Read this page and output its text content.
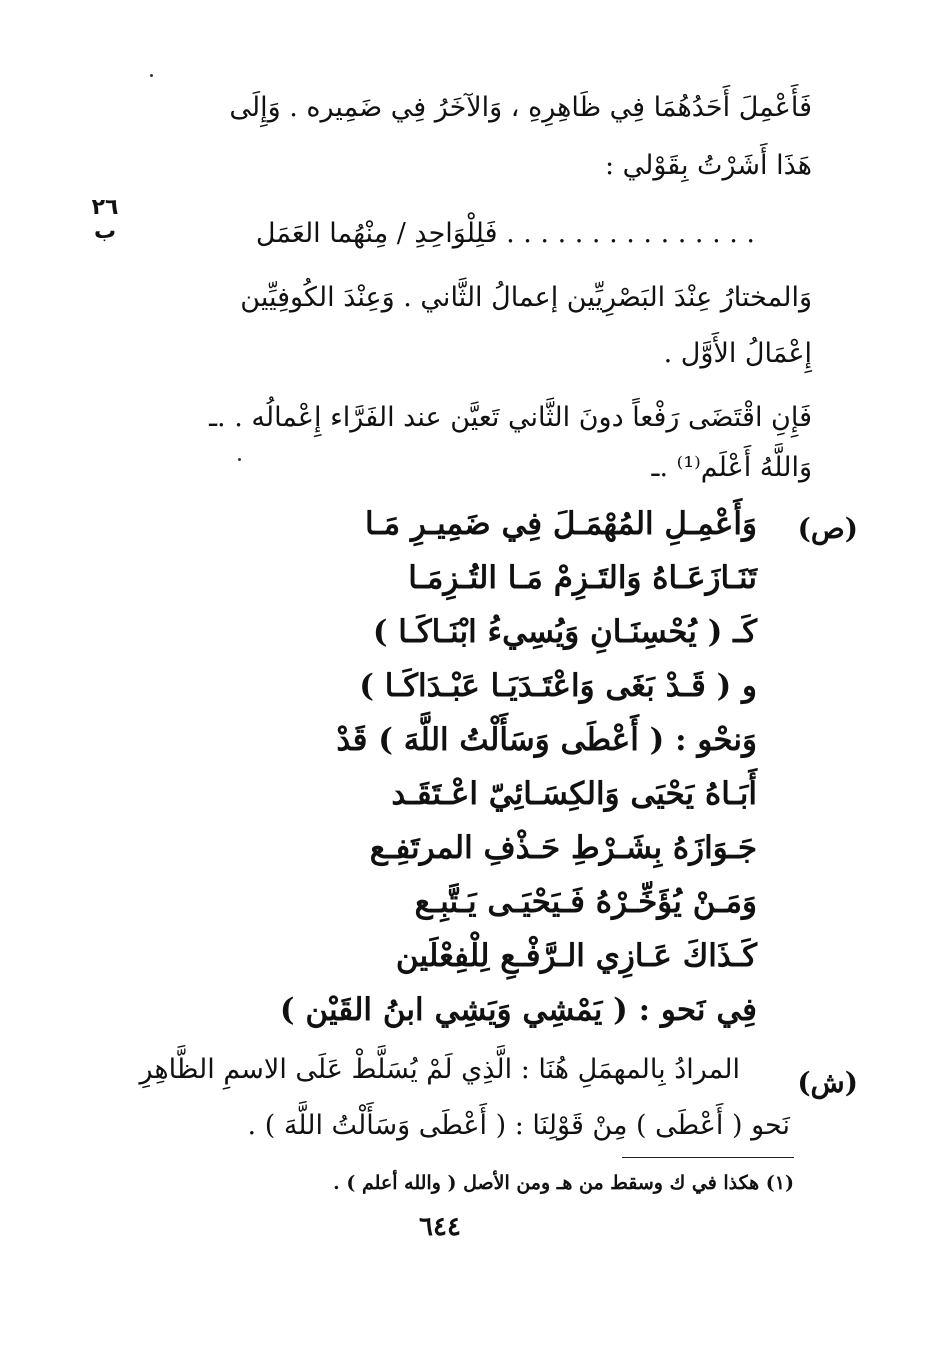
فَأَعْمِلَ أَحَدُهُمَا فِي ظَاهِرِهِ ، وَالآخَرُ فِي ضَمِيره . وَإِلَى
هَذَا أَشَرْتُ بِقَوْلي :
٢٦
ب	. . . . . . . . . . . . . . . فَلِلْوَاحِدِ / مِنْهُما العَمَل
وَالمختارُ عِنْدَ البَصْرِيِّين إعمالُ الثَّاني . وَعِنْدَ الكُوفِيِّين
إِعْمَالُ الأَوَّل .
فَإِنِ اقْتَضَى رَفْعاً دونَ الثَّاني تَعيَّن عند الفَرَّاء إِعْمالُه . .ـ
وَاللَّهُ أَعْلَم⁽¹⁾ .ـ
(ص)
وَأَعْمِـلِ المُهْمَـلَ فِي ضَمِيـرِ مَـا
تَنَـازَعَـاهُ وَالتَـزِمْ مَـا التُـزِمَـا
كَـ ( يُحْسِنَـانِ وَيُسِيءُ ابْنَـاكَـا )
و ( قَـدْ بَغَى وَاعْتَـدَيَـا عَبْـدَاكَـا )
وَنحْو : ( أَعْطَى وَسَأَلْتُ اللَّهَ ) قَدْ
أَبَـاهُ يَحْيَى وَالكِسَـائِيّ اعْـتَقَـد
جَـوَازَهُ بِشَـرْطِ حَـذْفِ المرتَفِـع
وَمَـنْ يُؤَخِّـرْهُ فَـيَحْيَـى يَـتَّبِـع
كَـذَاكَ عَـازِي الـرَّفْـعِ لِلْفِعْلَين
فِي نَحو : ( يَمْشِي وَيَشِي ابنُ القَيْن )
(ش)
المرادُ بِالمهمَلِ هُنَا : الَّذِي لَمْ يُسَلَّطْ عَلَى الاسمِ الظَّاهِرِ
نَحو ( أَعْطَى ) مِنْ قَوْلِنَا : ( أَعْطَى وَسَأَلْتُ اللَّهَ ) .
(١) هكذا في ك وسقط من هـ ومن الأصل ( والله أعلم ) .
٦٤٤
